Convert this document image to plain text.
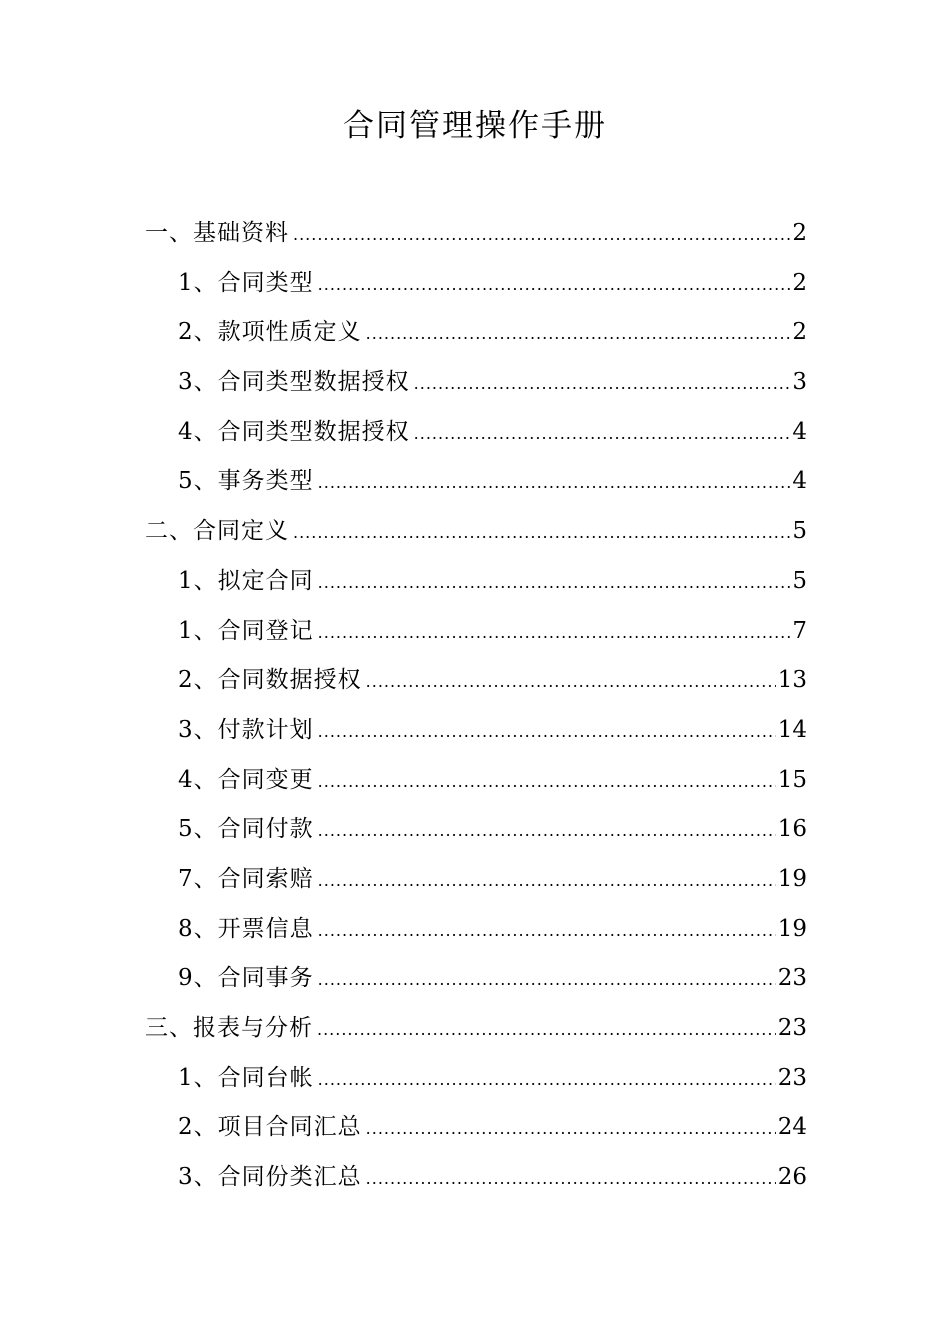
合同管理操作手册
一、基础资料 .....	2
1、合同类型 .....	2
2、款项性质定义 .....	2
3、合同类型数据授权 .....	3
4、合同类型数据授权 .....	4
5、事务类型 .....	4
二、合同定义 .....	5
1、拟定合同 .....	5
1、合同登记 .....	7
2、合同数据授权 .....	13
3、付款计划 .....	14
4、合同变更 .....	15
5、合同付款 .....	16
7、合同索赔 .....	19
8、开票信息 .....	19
9、合同事务 .....	23
三、报表与分析 .....	23
1、合同台帐 .....	23
2、项目合同汇总 .....	24
3、合同份类汇总 .....	26
